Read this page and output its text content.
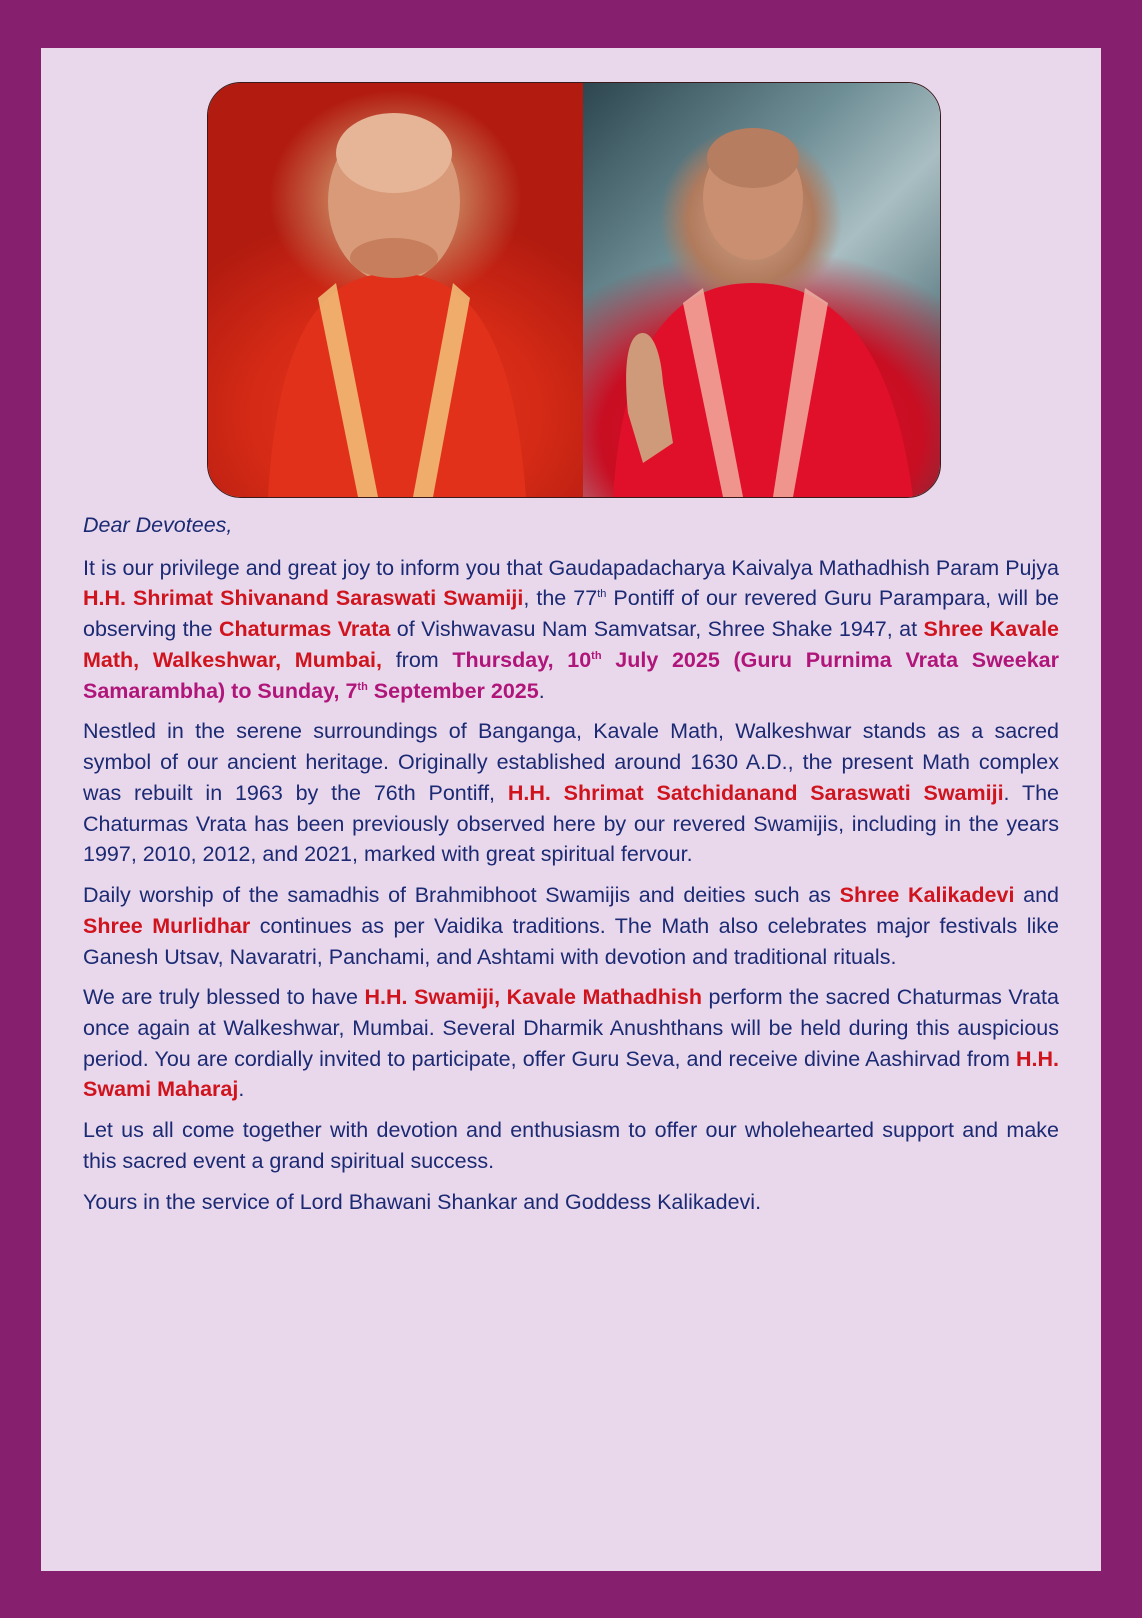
Dear Devotees,

It is our privilege and great joy to inform you that Gaudapadacharya Kaivalya Mathadhish Param Pujya H.H. Shrimat Shivanand Saraswati Swamiji, the 77th Pontiff of our revered Guru Parampara, will be observing the Chaturmas Vrata of Vishwavasu Nam Samvatsar, Shree Shake 1947, at Shree Kavale Math, Walkeshwar, Mumbai, from Thursday, 10th July 2025 (Guru Purnima Vrata Sweekar Samarambha) to Sunday, 7th September 2025.

Nestled in the serene surroundings of Banganga, Kavale Math, Walkeshwar stands as a sacred symbol of our ancient heritage. Originally established around 1630 A.D., the present Math complex was rebuilt in 1963 by the 76th Pontiff, H.H. Shrimat Satchidanand Saraswati Swamiji. The Chaturmas Vrata has been previously observed here by our revered Swamijis, including in the years 1997, 2010, 2012, and 2021, marked with great spiritual fervour.

Daily worship of the samadhis of Brahmibhoot Swamijis and deities such as Shree Kalikadevi and Shree Murlidhar continues as per Vaidika traditions. The Math also celebrates major festivals like Ganesh Utsav, Navaratri, Panchami, and Ashtami with devotion and traditional rituals.

We are truly blessed to have H.H. Swamiji, Kavale Mathadhish perform the sacred Chaturmas Vrata once again at Walkeshwar, Mumbai. Several Dharmik Anushthans will be held during this auspicious period. You are cordially invited to participate, offer Guru Seva, and receive divine Aashirvad from H.H. Swami Maharaj.

Let us all come together with devotion and enthusiasm to offer our wholehearted support and make this sacred event a grand spiritual success.

Yours in the service of Lord Bhawani Shankar and Goddess Kalikadevi.
